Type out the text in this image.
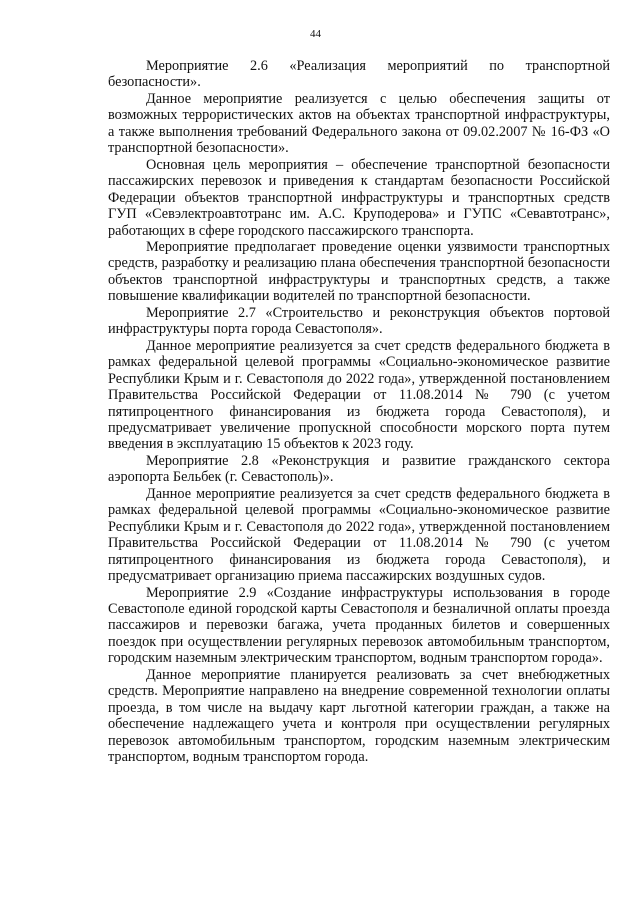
44

Мероприятие 2.6 «Реализация мероприятий по транспортной безопасности».

Данное мероприятие реализуется с целью обеспечения защиты от возможных террористических актов на объектах транспортной инфраструктуры, а также выполнения требований Федерального закона от 09.02.2007 № 16-ФЗ «О транспортной безопасности».

Основная цель мероприятия – обеспечение транспортной безопасности пассажирских перевозок и приведения к стандартам безопасности Российской Федерации объектов транспортной инфраструктуры и транспортных средств ГУП «Севэлектроавтотранс им. А.С. Круподерова» и ГУПС «Севавтотранс», работающих в сфере городского пассажирского транспорта.

Мероприятие предполагает проведение оценки уязвимости транспортных средств, разработку и реализацию плана обеспечения транспортной безопасности объектов транспортной инфраструктуры и транспортных средств, а также повышение квалификации водителей по транспортной безопасности.

Мероприятие 2.7 «Строительство и реконструкция объектов портовой инфраструктуры порта города Севастополя».

Данное мероприятие реализуется за счет средств федерального бюджета в рамках федеральной целевой программы «Социально-экономическое развитие Республики Крым и г. Севастополя до 2022 года», утвержденной постановлением Правительства Российской Федерации от 11.08.2014 № 790 (с учетом пятипроцентного финансирования из бюджета города Севастополя), и предусматривает увеличение пропускной способности морского порта путем введения в эксплуатацию 15 объектов к 2023 году.

Мероприятие 2.8 «Реконструкция и развитие гражданского сектора аэропорта Бельбек (г. Севастополь)».

Данное мероприятие реализуется за счет средств федерального бюджета в рамках федеральной целевой программы «Социально-экономическое развитие Республики Крым и г. Севастополя до 2022 года», утвержденной постановлением Правительства Российской Федерации от 11.08.2014 № 790 (с учетом пятипроцентного финансирования из бюджета города Севастополя), и предусматривает организацию приема пассажирских воздушных судов.

Мероприятие 2.9 «Создание инфраструктуры использования в городе Севастополе единой городской карты Севастополя и безналичной оплаты проезда пассажиров и перевозки багажа, учета проданных билетов и совершенных поездок при осуществлении регулярных перевозок автомобильным транспортом, городским наземным электрическим транспортом, водным транспортом города».

Данное мероприятие планируется реализовать за счет внебюджетных средств. Мероприятие направлено на внедрение современной технологии оплаты проезда, в том числе на выдачу карт льготной категории граждан, а также на обеспечение надлежащего учета и контроля при осуществлении регулярных перевозок автомобильным транспортом, городским наземным электрическим транспортом, водным транспортом города.
